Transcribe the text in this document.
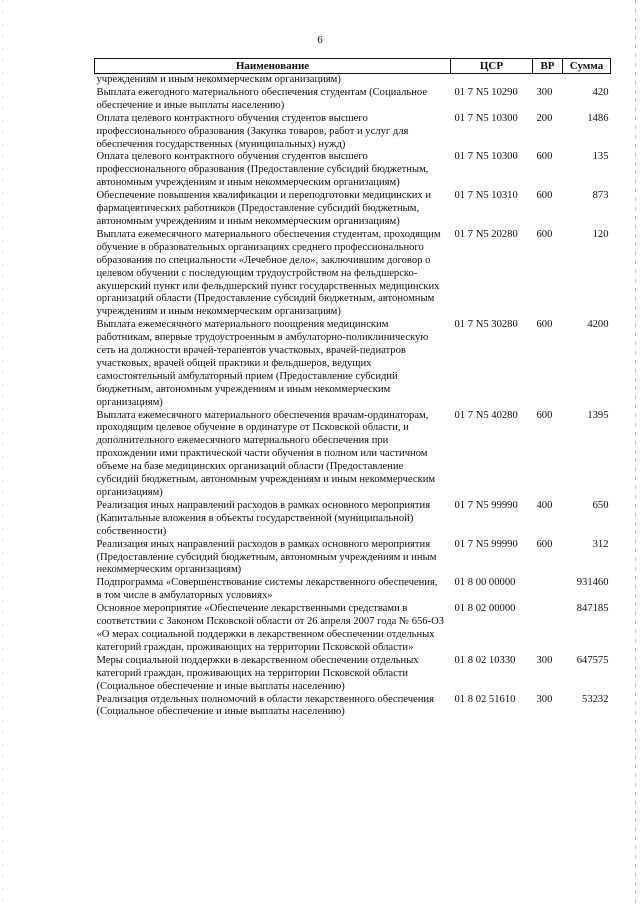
6
Наименование	ЦСР	ВР	Сумма
учреждениям и иным некоммерческим организациям)			
Выплата ежегодного материального обеспечения студентам (Социальное обеспечение и иные выплаты населению)	01 7 N5 10290	300	420
Оплата целевого контрактного обучения студентов высшего профессионального образования (Закупка товаров, работ и услуг для обеспечения государственных (муниципальных) нужд)	01 7 N5 10300	200	1486
Оплата целевого контрактного обучения студентов высшего профессионального образования (Предоставление субсидий бюджетным, автономным учреждениям и иным некоммерческим организациям)	01 7 N5 10300	600	135
Обеспечение повышения квалификации и переподготовки медицинских и фармацевтических работников (Предоставление субсидий бюджетным, автономным учреждениям и иным некоммерческим организациям)	01 7 N5 10310	600	873
Выплата ежемесячного материального обеспечения студентам, проходящим обучение в образовательных организациях среднего профессионального образования по специальности «Лечебное дело», заключившим договор о целевом обучении с последующим трудоустройством на фельдшерско-акушерский пункт или фельдшерский пункт государственных медицинских организаций области (Предоставление субсидий бюджетным, автономным учреждениям и иным некоммерческим организациям)	01 7 N5 20280	600	120
Выплата ежемесячного материального поощрения медицинским работникам, впервые трудоустроенным в амбулаторно-поликлиническую сеть на должности врачей-терапевтов участковых, врачей-педиатров участковых, врачей общей практики и фельдшеров, ведущих самостоятельный амбулаторный прием (Предоставление субсидий бюджетным, автономным учреждениям и иным некоммерческим организациям)	01 7 N5 30280	600	4200
Выплата ежемесячного материального обеспечения врачам-ординаторам, проходящим целевое обучение в ординатуре от Псковской области, и дополнительного ежемесячного материального обеспечения при прохождении ими практической части обучения в полном или частичном объеме на базе медицинских организаций области (Предоставление субсидий бюджетным, автономным учреждениям и иным некоммерческим организациям)	01 7 N5 40280	600	1395
Реализация иных направлений расходов в рамках основного мероприятия (Капитальные вложения в объекты государственной (муниципальной) собственности)	01 7 N5 99990	400	650
Реализация иных направлений расходов в рамках основного мероприятия (Предоставление субсидий бюджетным, автономным учреждениям и иным некоммерческим организациям)	01 7 N5 99990	600	312
Подпрограмма «Совершенствование системы лекарственного обеспечения, в том числе в амбулаторных условиях»	01 8 00 00000		931460
Основное мероприятие «Обеспечение лекарственными средствами в соответствии с Законом Псковской области от 26 апреля 2007 года № 656-ОЗ «О мерах социальной поддержки в лекарственном обеспечении отдельных категорий граждан, проживающих на территории Псковской области»	01 8 02 00000		847185
Меры социальной поддержки в лекарственном обеспечении отдельных категорий граждан, проживающих на территории Псковской области (Социальное обеспечение и иные выплаты населению)	01 8 02 10330	300	647575
Реализация отдельных полномочий в области лекарственного обеспечения (Социальное обеспечение и иные выплаты населению)	01 8 02 51610	300	53232
